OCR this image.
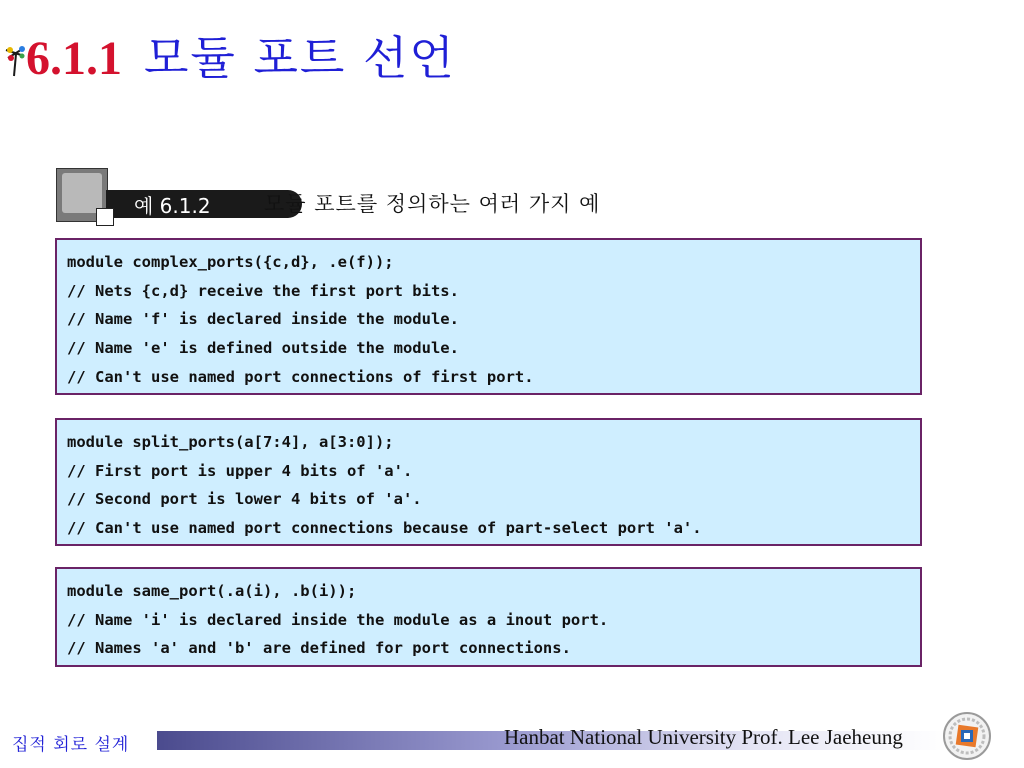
6.1.1 모듈 포트 선언
예 6.1.2	모듈 포트를 정의하는 여러 가지 예
module complex_ports({c,d}, .e(f));
// Nets {c,d} receive the first port bits.
// Name 'f' is declared inside the module.
// Name 'e' is defined outside the module.
// Can't use named port connections of first port.
module split_ports(a[7:4], a[3:0]);
// First port is upper 4 bits of 'a'.
// Second port is lower 4 bits of 'a'.
// Can't use named port connections because of part-select port 'a'.
module same_port(.a(i), .b(i));
// Name 'i' is declared inside the module as a inout port.
// Names 'a' and 'b' are defined for port connections.
집적 회로 설계	Hanbat National University Prof. Lee Jaeheung
